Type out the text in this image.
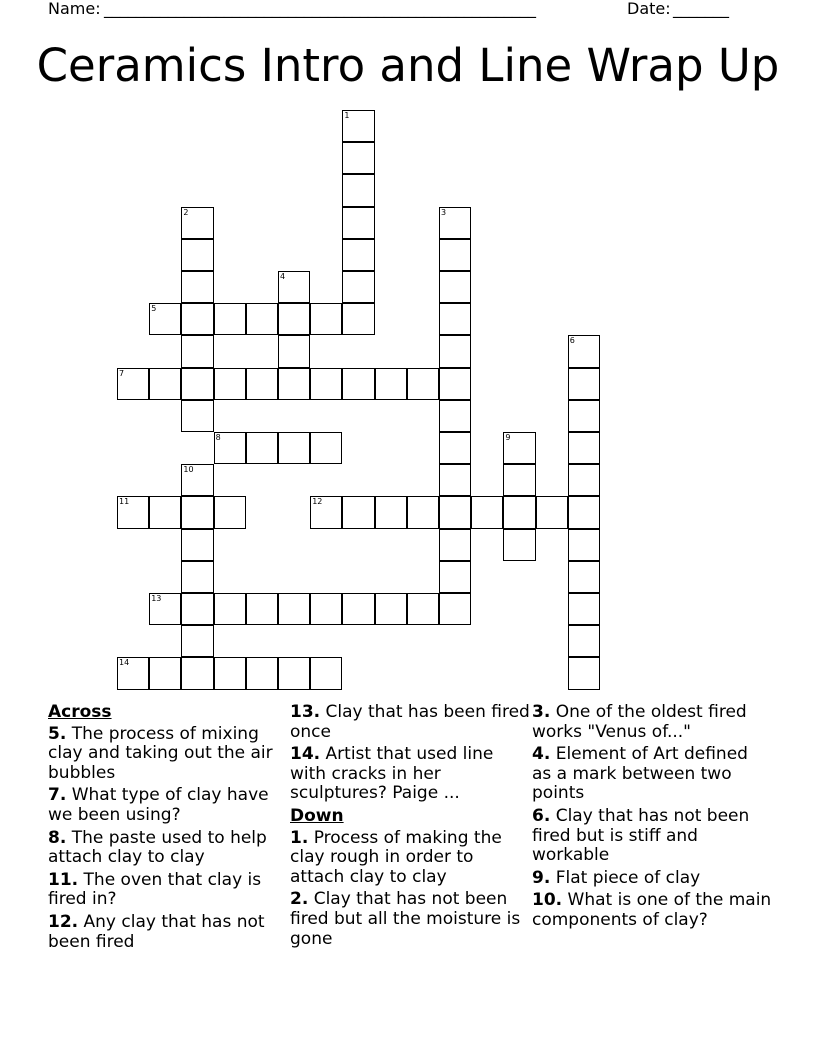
Name: ______________________________________________________	Date: _______
Ceramics Intro and Line Wrap Up
1
2	3
4
5
6
7
8	9
10
11	12
13
14
Across
5. The process of mixing clay and taking out the air bubbles
7. What type of clay have we been using?
8. The paste used to help attach clay to clay
11. The oven that clay is fired in?
12. Any clay that has not been fired
13. Clay that has been fired once
14. Artist that used line with cracks in her sculptures? Paige ...
Down
1. Process of making the clay rough in order to attach clay to clay
2. Clay that has not been fired but all the moisture is gone
3. One of the oldest fired works "Venus of..."
4. Element of Art defined as a mark between two points
6. Clay that has not been fired but is stiff and workable
9. Flat piece of clay
10. What is one of the main components of clay?
